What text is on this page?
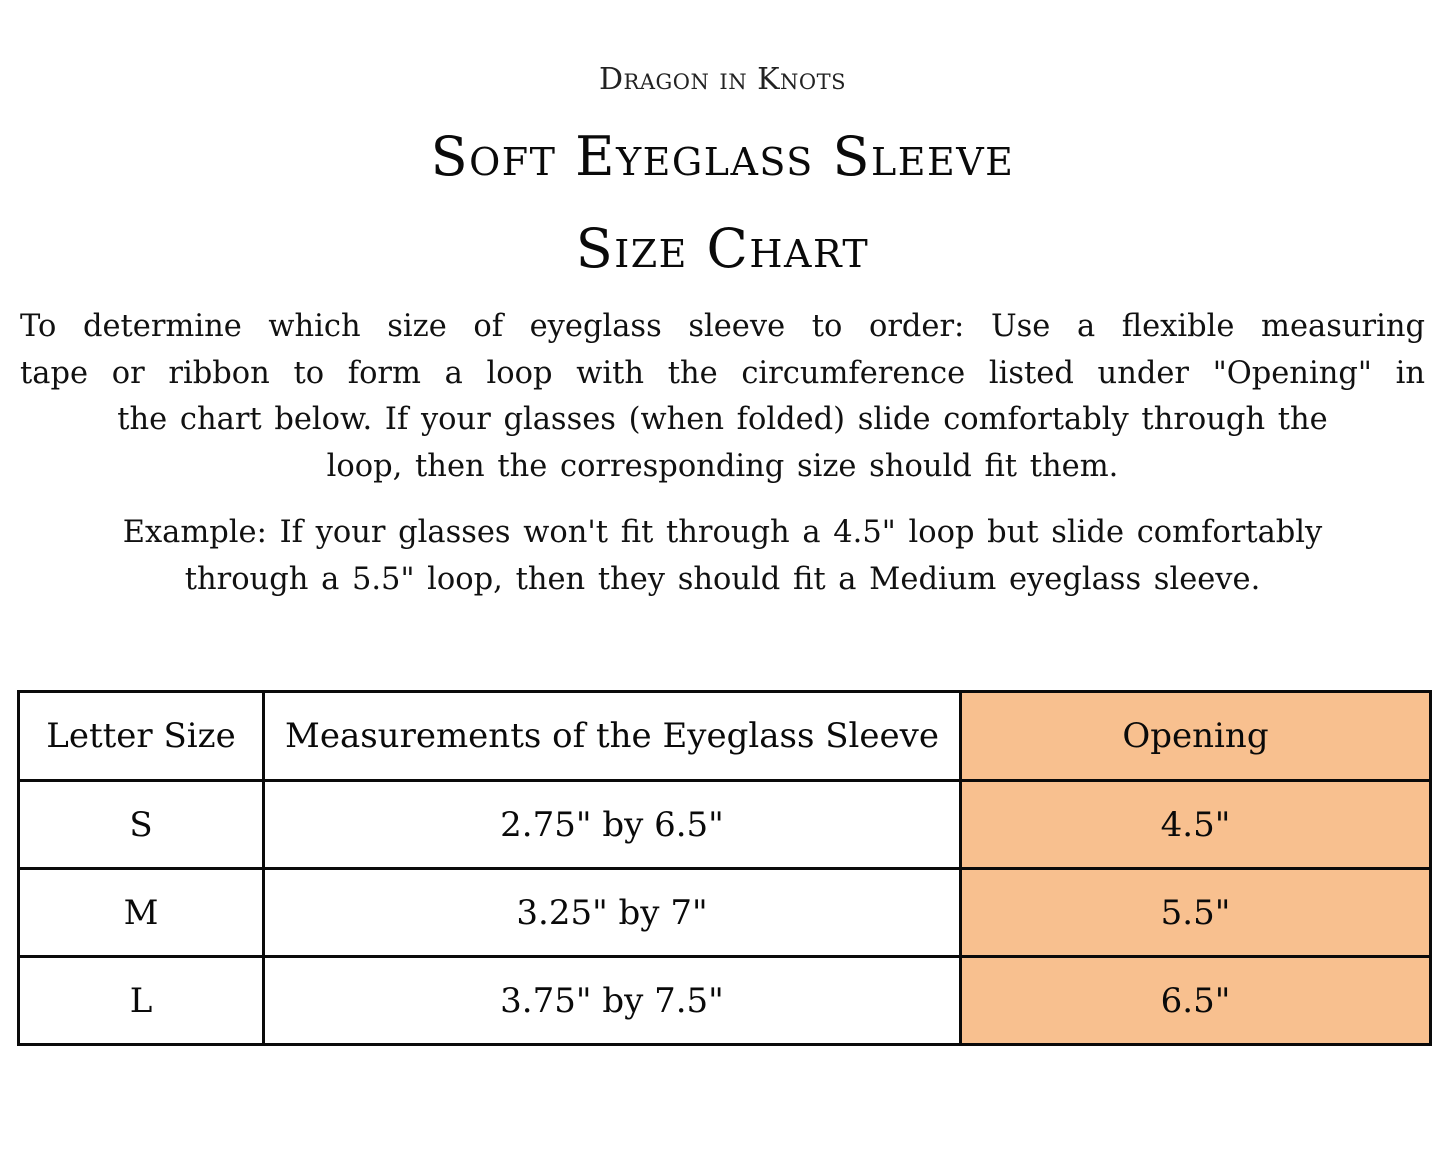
Dragon in Knots
Soft Eyeglass Sleeve
Size Chart
To determine which size of eyeglass sleeve to order: Use a flexible measuring
tape or ribbon to form a loop with the circumference listed under "Opening" in
the chart below. If your glasses (when folded) slide comfortably through the
loop, then the corresponding size should fit them.
Example: If your glasses won't fit through a 4.5" loop but slide comfortably
through a 5.5" loop, then they should fit a Medium eyeglass sleeve.
Letter Size	Measurements of the Eyeglass Sleeve	Opening
S	2.75" by 6.5"	4.5"
M	3.25" by 7"	5.5"
L	3.75" by 7.5"	6.5"
